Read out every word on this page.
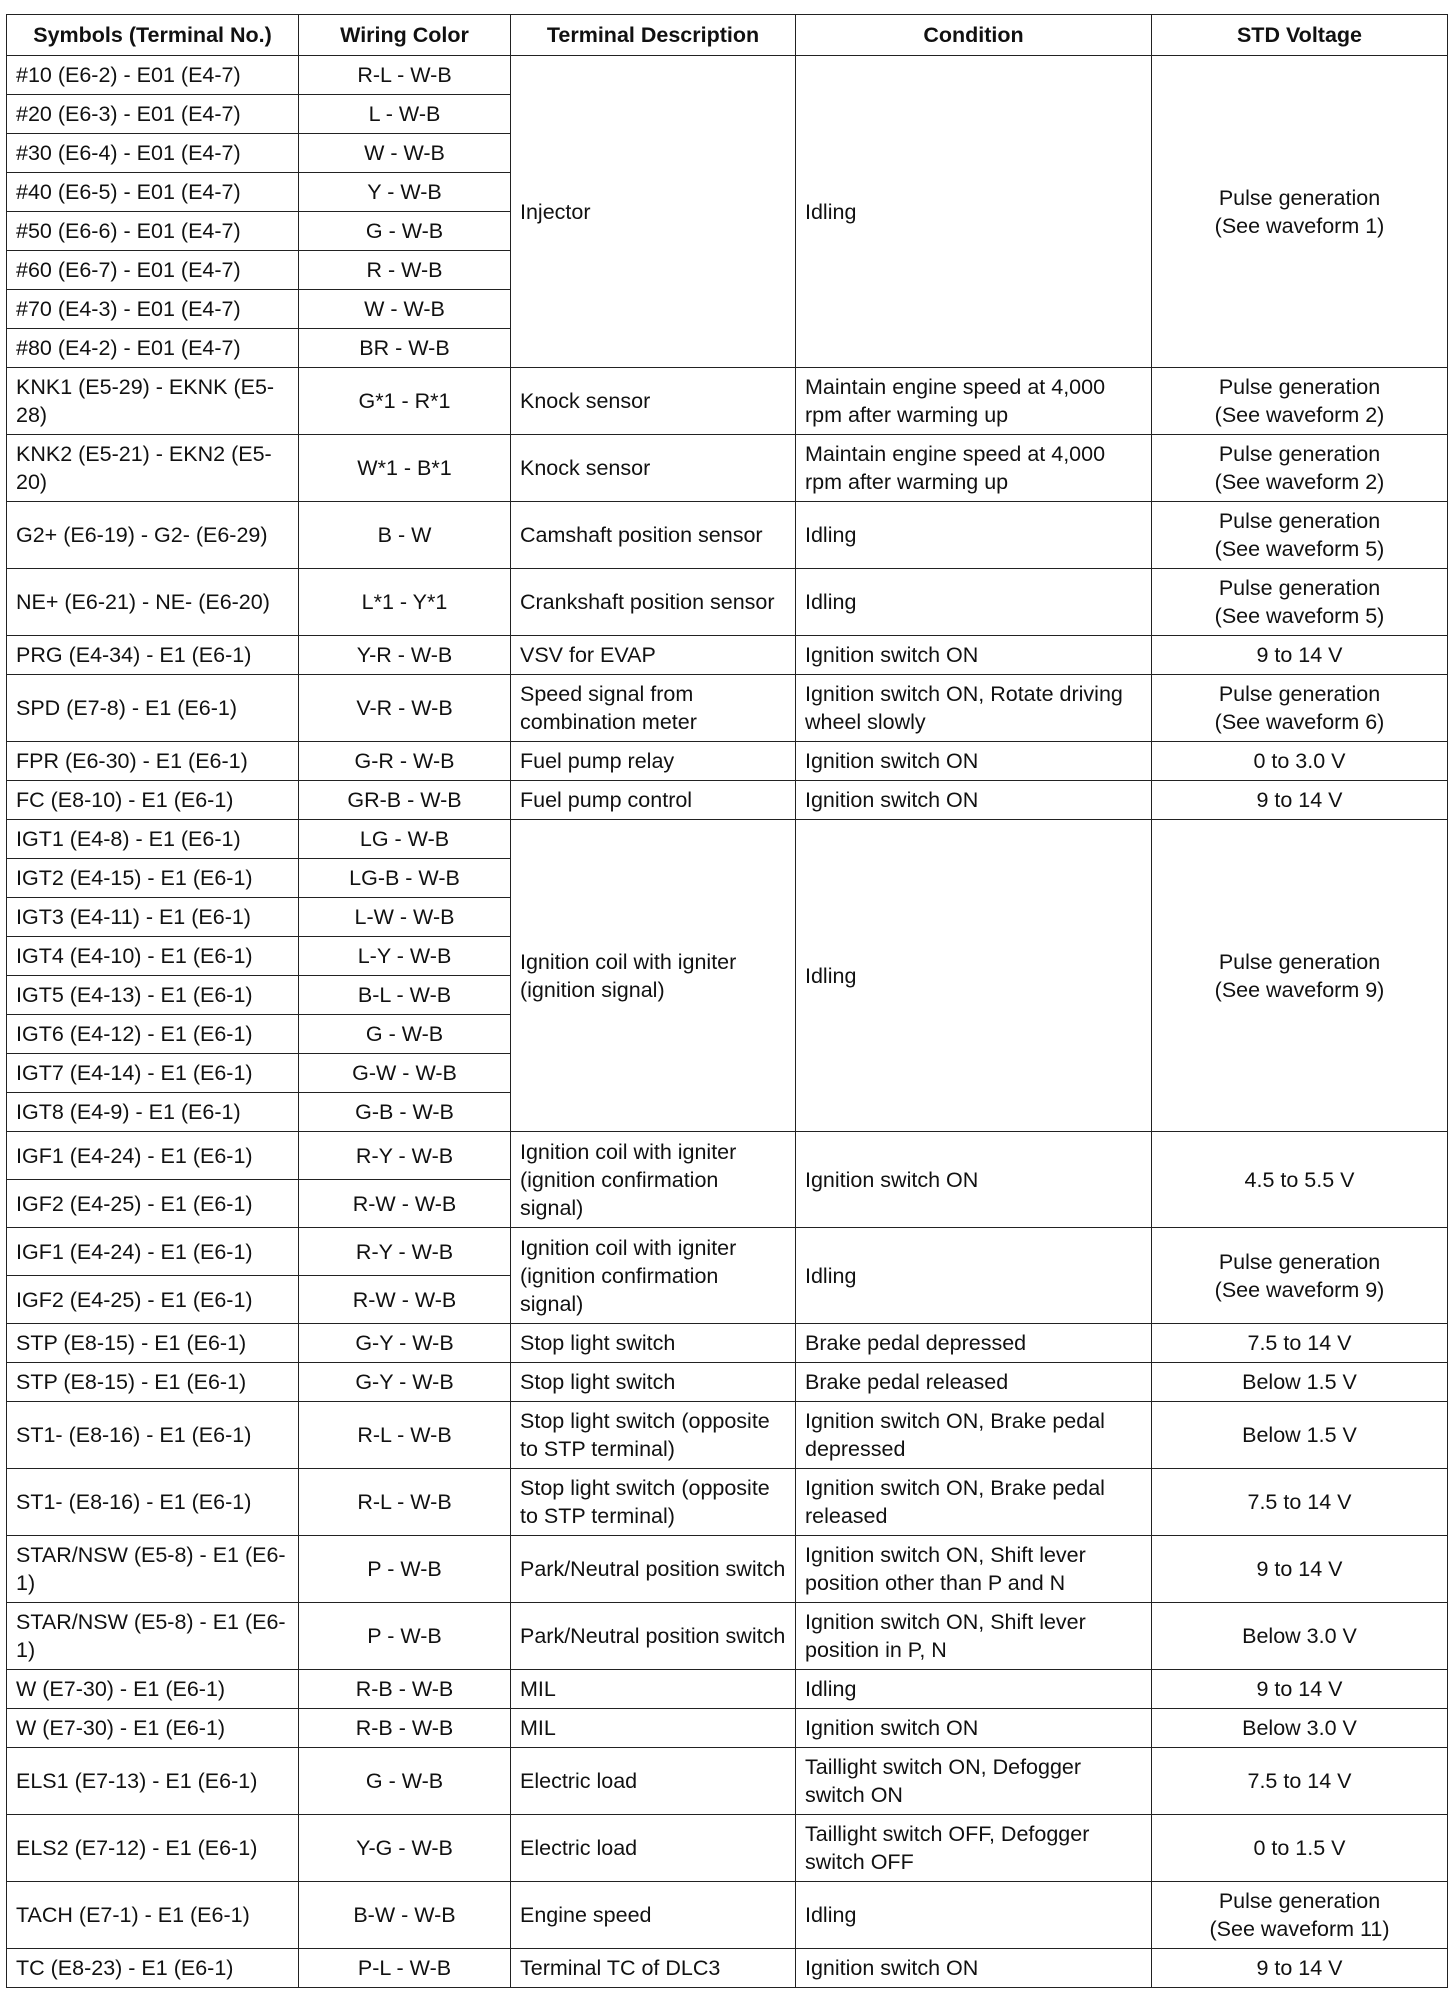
Symbols (Terminal No.)	Wiring Color	Terminal Description	Condition	STD Voltage
#10 (E6-2) - E01 (E4-7)	R-L - W-B	Injector	Idling	Pulse generation
(See waveform 1)

#20 (E6-3) - E01 (E4-7)	L - W-B			
#30 (E6-4) - E01 (E4-7)	W - W-B			
#40 (E6-5) - E01 (E4-7)	Y - W-B			
#50 (E6-6) - E01 (E4-7)	G - W-B			
#60 (E6-7) - E01 (E4-7)	R - W-B			
#70 (E4-3) - E01 (E4-7)	W - W-B			
#80 (E4-2) - E01 (E4-7)	BR - W-B			
KNK1 (E5-29) - EKNK (E5-28)	G*1 - R*1	Knock sensor	Maintain engine speed at 4,000 rpm after warming up	Pulse generation
(See waveform 2)

KNK2 (E5-21) - EKN2 (E5-20)	W*1 - B*1	Knock sensor	Maintain engine speed at 4,000 rpm after warming up	Pulse generation
(See waveform 2)

G2+ (E6-19) - G2- (E6-29)	B - W	Camshaft position sensor	Idling	Pulse generation
(See waveform 5)

NE+ (E6-21) - NE- (E6-20)	L*1 - Y*1	Crankshaft position sensor	Idling	Pulse generation
(See waveform 5)

PRG (E4-34) - E1 (E6-1)	Y-R - W-B	VSV for EVAP	Ignition switch ON	9 to 14 V

SPD (E7-8) - E1 (E6-1)	V-R - W-B	Speed signal from combination meter	Ignition switch ON, Rotate driving wheel slowly	Pulse generation
(See waveform 6)

FPR (E6-30) - E1 (E6-1)	G-R - W-B	Fuel pump relay	Ignition switch ON	0 to 3.0 V

FC (E8-10) - E1 (E6-1)	GR-B - W-B	Fuel pump control	Ignition switch ON	9 to 14 V

IGT1 (E4-8) - E1 (E6-1)	LG - W-B	Ignition coil with igniter (ignition signal)	Idling	Pulse generation
(See waveform 9)

IGT2 (E4-15) - E1 (E6-1)	LG-B - W-B			
IGT3 (E4-11) - E1 (E6-1)	L-W - W-B			
IGT4 (E4-10) - E1 (E6-1)	L-Y - W-B			
IGT5 (E4-13) - E1 (E6-1)	B-L - W-B			
IGT6 (E4-12) - E1 (E6-1)	G - W-B			
IGT7 (E4-14) - E1 (E6-1)	G-W - W-B			
IGT8 (E4-9) - E1 (E6-1)	G-B - W-B			
IGF1 (E4-24) - E1 (E6-1)	R-Y - W-B	Ignition coil with igniter (ignition confirmation signal)	Ignition switch ON	4.5 to 5.5 V

IGF2 (E4-25) - E1 (E6-1)	R-W - W-B			
IGF1 (E4-24) - E1 (E6-1)	R-Y - W-B	Ignition coil with igniter (ignition confirmation signal)	Idling	Pulse generation
(See waveform 9)

IGF2 (E4-25) - E1 (E6-1)	R-W - W-B			
STP (E8-15) - E1 (E6-1)	G-Y - W-B	Stop light switch	Brake pedal depressed	7.5 to 14 V

STP (E8-15) - E1 (E6-1)	G-Y - W-B	Stop light switch	Brake pedal released	Below 1.5 V

ST1- (E8-16) - E1 (E6-1)	R-L - W-B	Stop light switch (opposite to STP terminal)	Ignition switch ON, Brake pedal depressed	Below 1.5 V

ST1- (E8-16) - E1 (E6-1)	R-L - W-B	Stop light switch (opposite to STP terminal)	Ignition switch ON, Brake pedal released	7.5 to 14 V

STAR/NSW (E5-8) - E1 (E6-1)	P - W-B	Park/Neutral position switch	Ignition switch ON, Shift lever position other than P and N	9 to 14 V

STAR/NSW (E5-8) - E1 (E6-1)	P - W-B	Park/Neutral position switch	Ignition switch ON, Shift lever position in P, N	Below 3.0 V

W (E7-30) - E1 (E6-1)	R-B - W-B	MIL	Idling	9 to 14 V

W (E7-30) - E1 (E6-1)	R-B - W-B	MIL	Ignition switch ON	Below 3.0 V

ELS1 (E7-13) - E1 (E6-1)	G - W-B	Electric load	Taillight switch ON, Defogger switch ON	7.5 to 14 V

ELS2 (E7-12) - E1 (E6-1)	Y-G - W-B	Electric load	Taillight switch OFF, Defogger switch OFF	0 to 1.5 V

TACH (E7-1) - E1 (E6-1)	B-W - W-B	Engine speed	Idling	Pulse generation
(See waveform 11)

TC (E8-23) - E1 (E6-1)	P-L - W-B	Terminal TC of DLC3	Ignition switch ON	9 to 14 V
